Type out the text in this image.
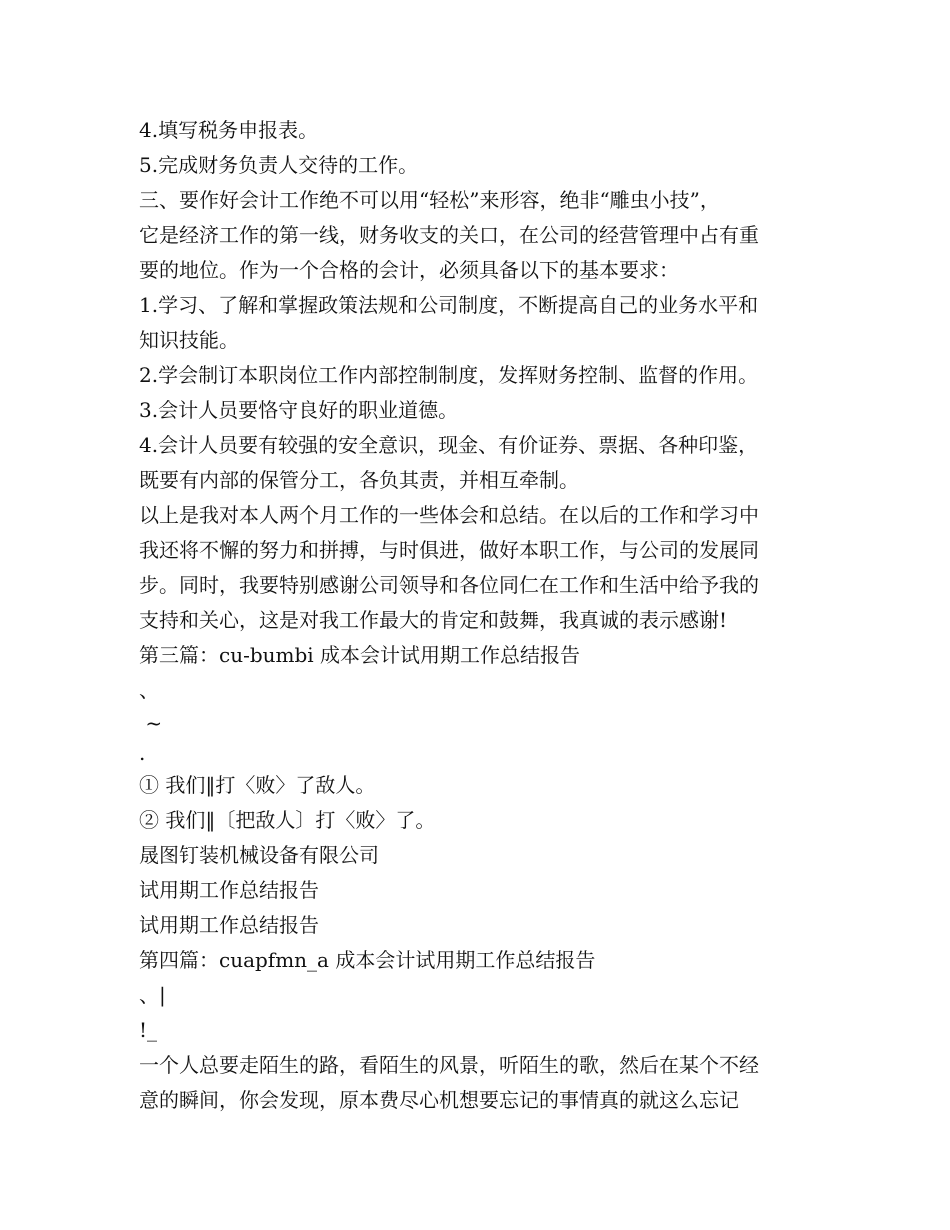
4.填写税务申报表。
5.完成财务负责人交待的工作。
三、要作好会计工作绝不可以用“轻松”来形容，绝非“雕虫小技”，
它是经济工作的第一线，财务收支的关口，在公司的经营管理中占有重
要的地位。作为一个合格的会计，必须具备以下的基本要求：
1.学习、了解和掌握政策法规和公司制度，不断提高自己的业务水平和
知识技能。
2.学会制订本职岗位工作内部控制制度，发挥财务控制、监督的作用。
3.会计人员要恪守良好的职业道德。
4.会计人员要有较强的安全意识，现金、有价证券、票据、各种印鉴，
既要有内部的保管分工，各负其责，并相互牵制。
以上是我对本人两个月工作的一些体会和总结。在以后的工作和学习中
我还将不懈的努力和拼搏，与时俱进，做好本职工作，与公司的发展同
步。同时，我要特别感谢公司领导和各位同仁在工作和生活中给予我的
支持和关心，这是对我工作最大的肯定和鼓舞，我真诚的表示感谢!
第三篇：cu-bumbi 成本会计试用期工作总结报告
、
~
.
① 我们‖打〈败〉了敌人。
② 我们‖〔把敌人〕打〈败〉了。
晟图钉装机械设备有限公司
试用期工作总结报告
试用期工作总结报告
第四篇：cuapfmn_a 成本会计试用期工作总结报告
、|
!_
一个人总要走陌生的路，看陌生的风景，听陌生的歌，然后在某个不经
意的瞬间，你会发现，原本费尽心机想要忘记的事情真的就这么忘记
